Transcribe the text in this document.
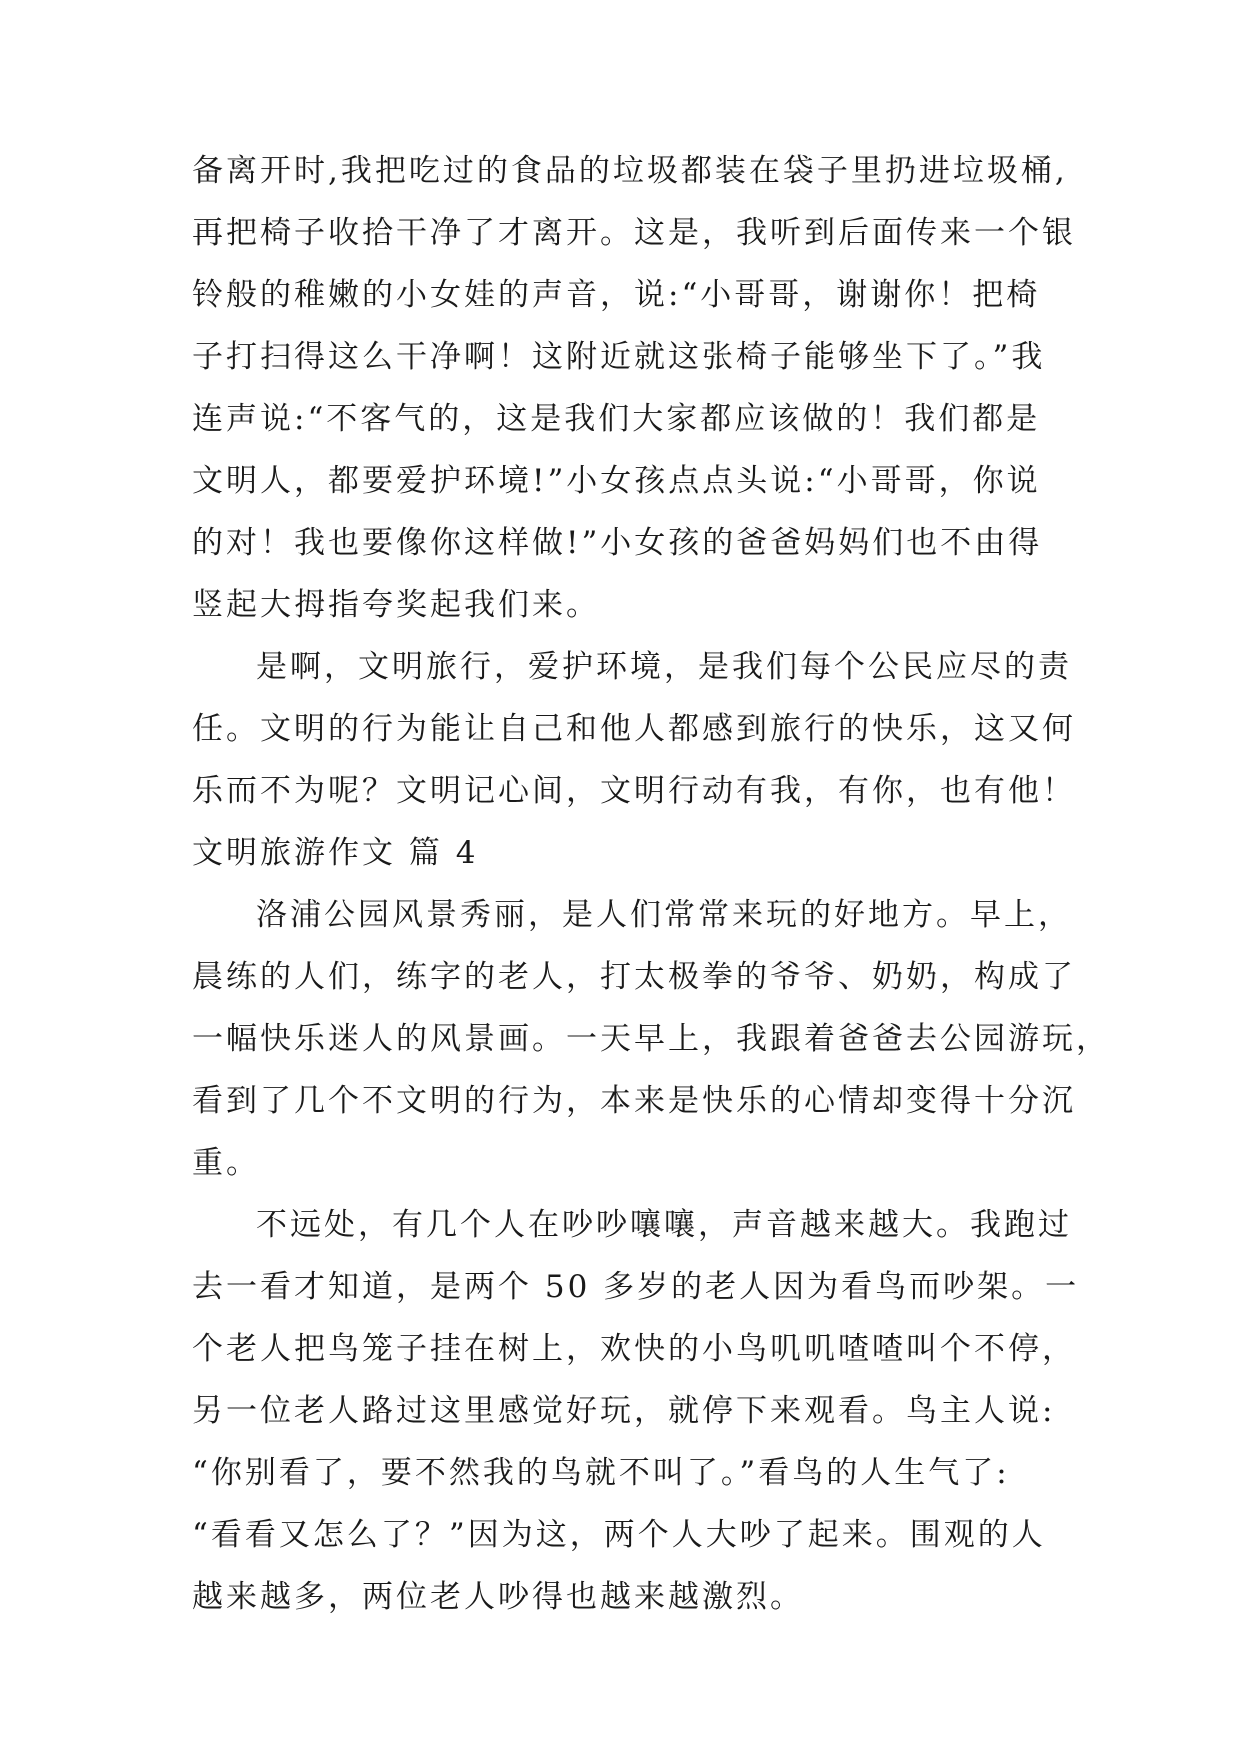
备离开时,我把吃过的食品的垃圾都装在袋子里扔进垃圾桶,
再把椅子收拾干净了才离开。这是，我听到后面传来一个银
铃般的稚嫩的小女娃的声音，说:“小哥哥，谢谢你！把椅
子打扫得这么干净啊！这附近就这张椅子能够坐下了。”我
连声说:“不客气的，这是我们大家都应该做的！我们都是
文明人，都要爱护环境!”小女孩点点头说:“小哥哥，你说
的对！我也要像你这样做!”小女孩的爸爸妈妈们也不由得
竖起大拇指夸奖起我们来。
是啊，文明旅行，爱护环境，是我们每个公民应尽的责
任。文明的行为能让自己和他人都感到旅行的快乐，这又何
乐而不为呢？文明记心间，文明行动有我，有你，也有他！
文明旅游作文 篇 4
洛浦公园风景秀丽，是人们常常来玩的好地方。早上，
晨练的人们，练字的老人，打太极拳的爷爷、奶奶，构成了
一幅快乐迷人的风景画。一天早上，我跟着爸爸去公园游玩，
看到了几个不文明的行为，本来是快乐的心情却变得十分沉
重。
不远处，有几个人在吵吵嚷嚷，声音越来越大。我跑过
去一看才知道，是两个 50 多岁的老人因为看鸟而吵架。一
个老人把鸟笼子挂在树上，欢快的小鸟叽叽喳喳叫个不停，
另一位老人路过这里感觉好玩，就停下来观看。鸟主人说:
“你别看了，要不然我的鸟就不叫了。”看鸟的人生气了:
“看看又怎么了？”因为这，两个人大吵了起来。围观的人
越来越多，两位老人吵得也越来越激烈。
